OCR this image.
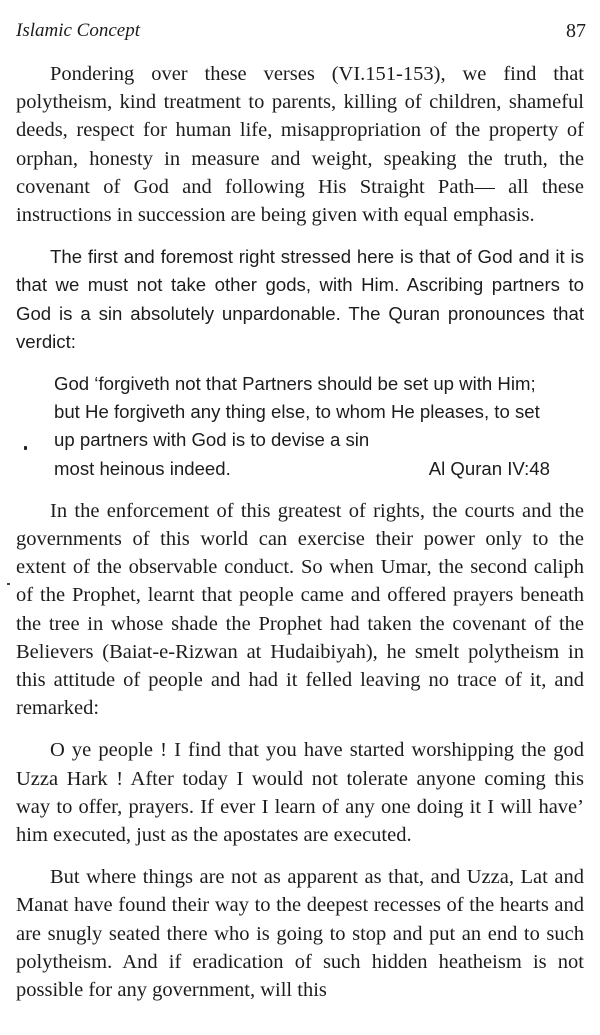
Islamic Concept	87

Pondering over these verses (VI.151-153), we find that polytheism, kind treatment to parents, killing of children, shameful deeds, respect for human life, misappropriation of the property of orphan, honesty in measure and weight, speaking the truth, the covenant of God and following His Straight Path— all these instructions in succession are being given with equal emphasis.

The first and foremost right stressed here is that of God and it is that we must not take other gods, with Him. Ascribing partners to God is a sin absolutely unpardonable. The Quran pronounces that verdict:

God ‘forgiveth not that Partners should be set up with Him; but He forgiveth any thing else, to whom He pleases, to set up partners with God is to devise a sin
most heinous indeed.	Al Quran IV:48

In the enforcement of this greatest of rights, the courts and the governments of this world can exercise their power only to the extent of the observable conduct. So when Umar, the second caliph of the Prophet, learnt that people came and offered prayers beneath the tree in whose shade the Prophet had taken the covenant of the Believers (Baiat-e-Rizwan at Hudaibiyah), he smelt polytheism in this attitude of people and had it felled leaving no trace of it, and remarked:

O ye people ! I find that you have started worshipping the god Uzza Hark ! After today I would not tolerate anyone coming this way to offer, prayers. If ever I learn of any one doing it I will have’ him executed, just as the apostates are executed.

But where things are not as apparent as that, and Uzza, Lat and Manat have found their way to the deepest recesses of the hearts and are snugly seated there who is going to stop and put an end to such polytheism. And if eradication of such hidden heatheism is not possible for any government, will this
